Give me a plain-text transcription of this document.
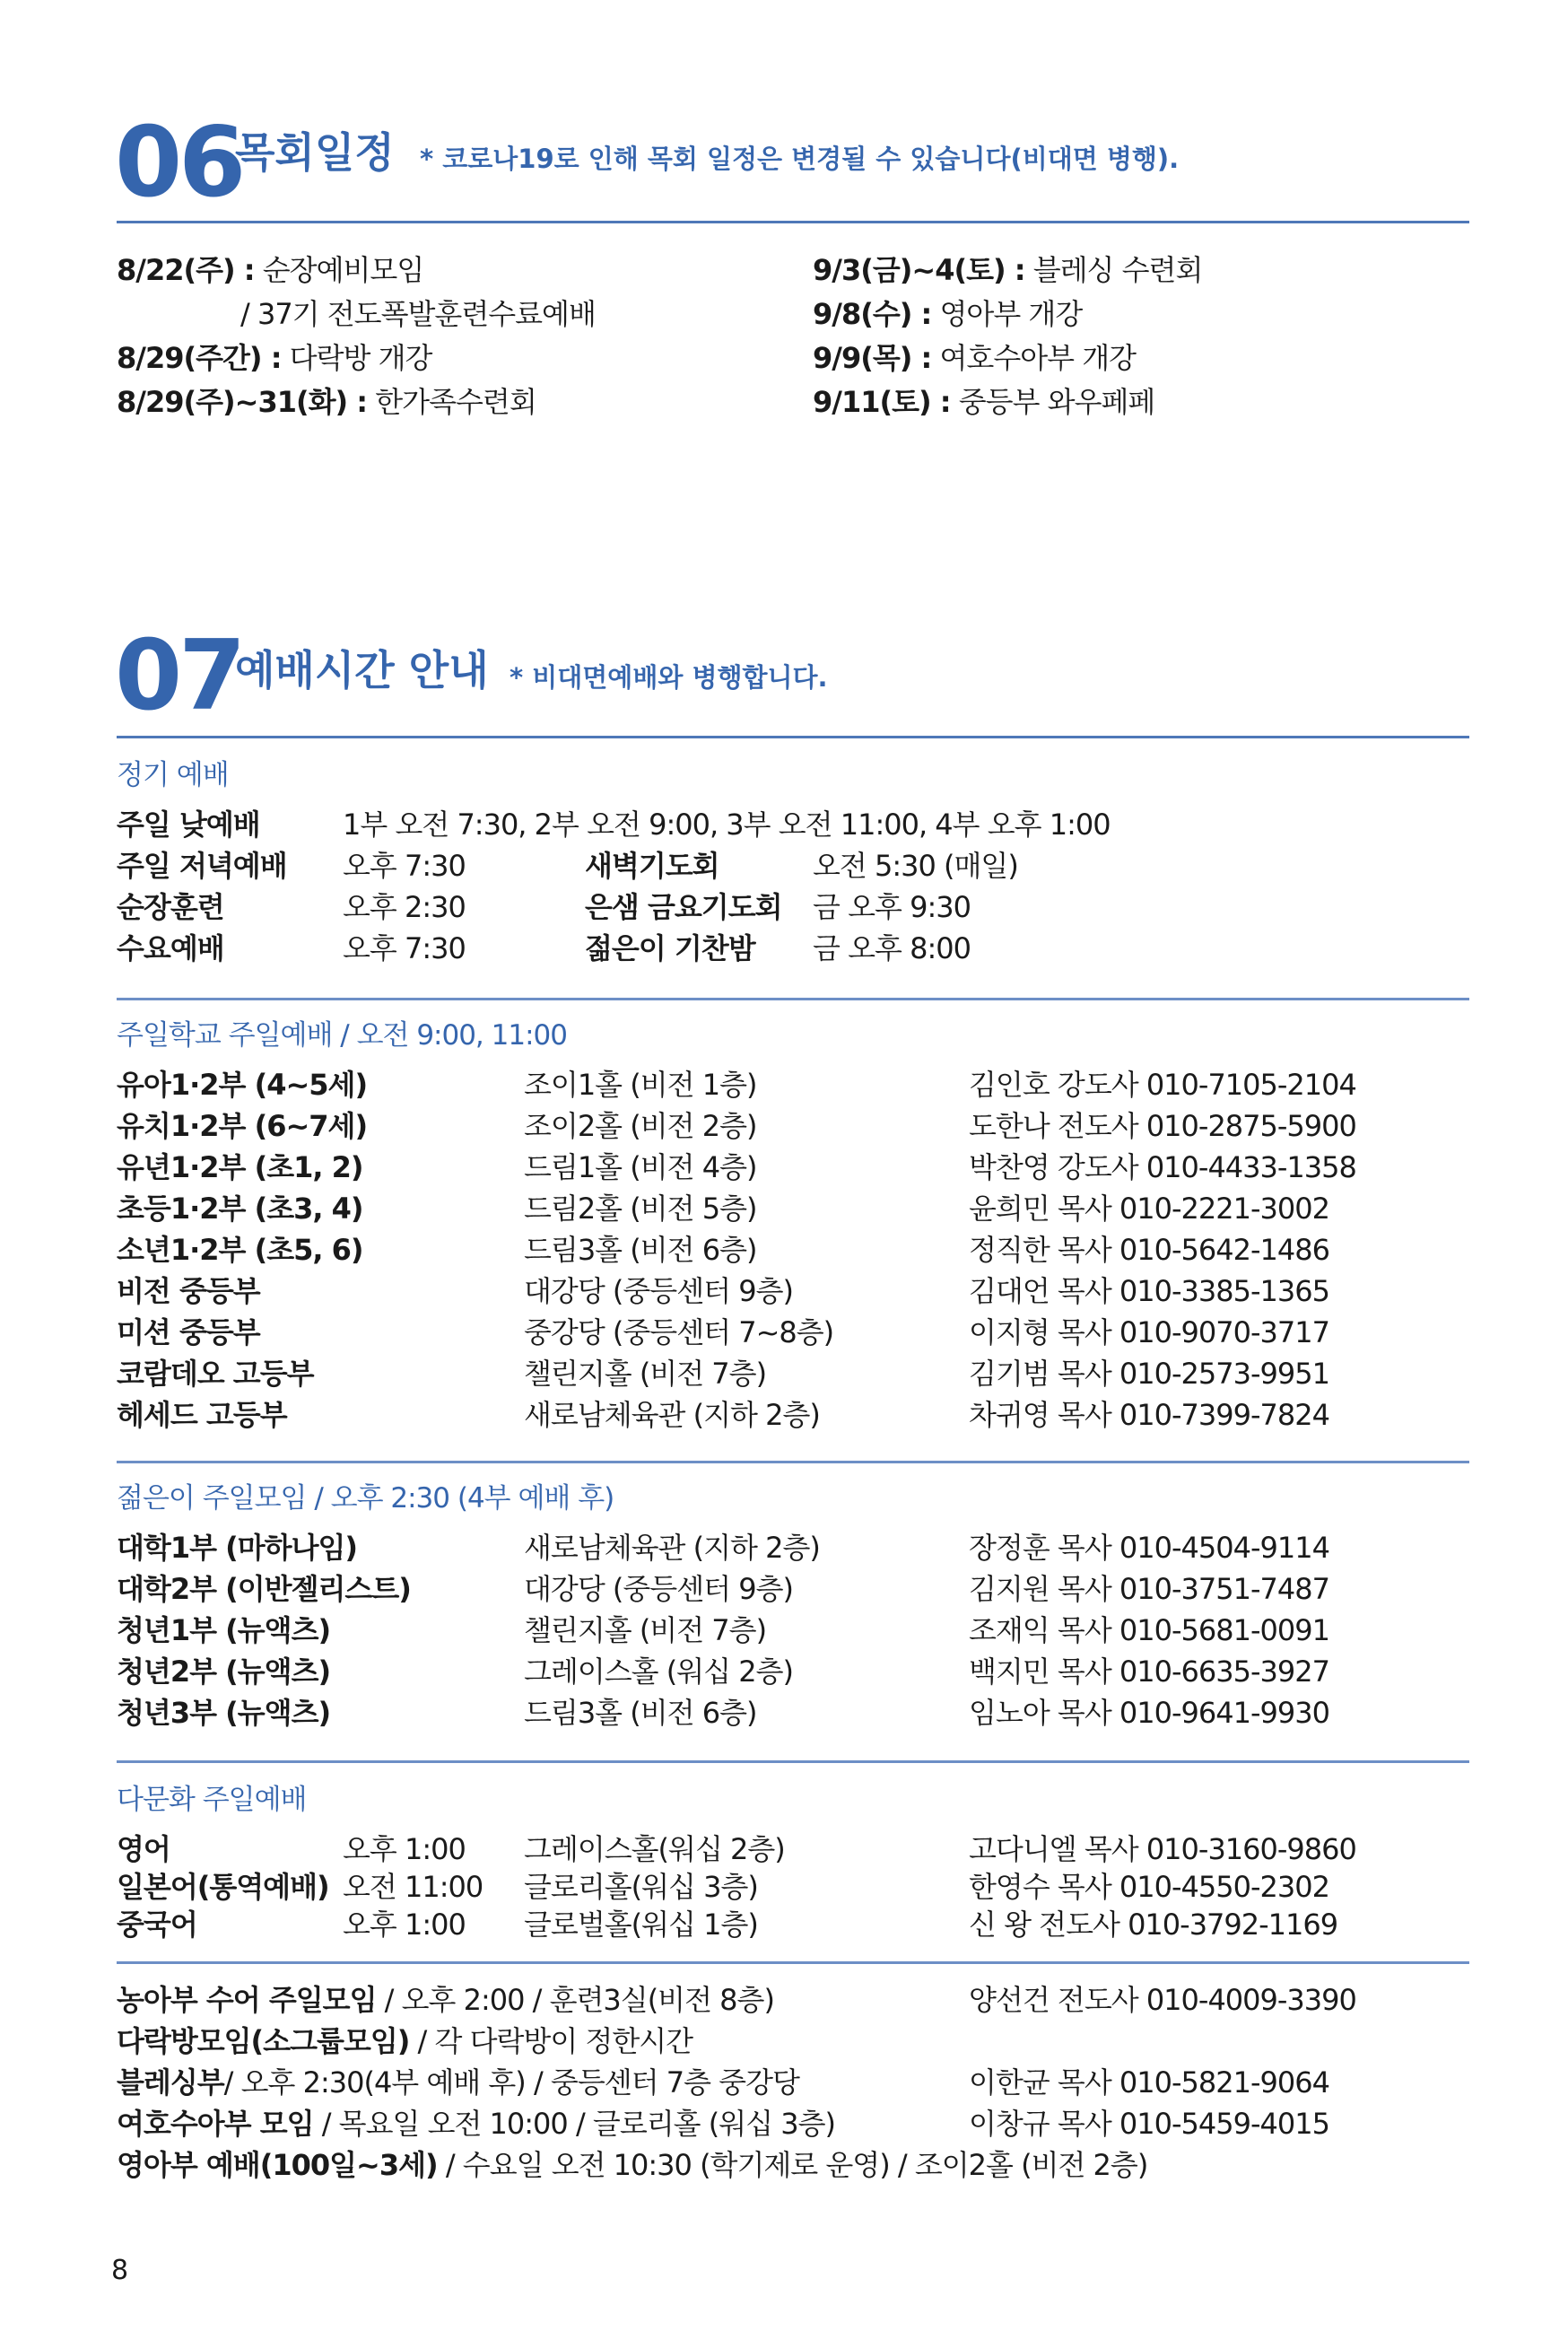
06
목회일정 * 코로나19로 인해 목회 일정은 변경될 수 있습니다(비대면 병행).
8/22(주) : 순장예비모임
/ 37기 전도폭발훈련수료예배
8/29(주간) : 다락방 개강
8/29(주)~31(화) : 한가족수련회
9/3(금)~4(토) : 블레싱 수련회
9/8(수) : 영아부 개강
9/9(목) : 여호수아부 개강
9/11(토) : 중등부 와우페페
07
예배시간 안내 * 비대면예배와 병행합니다.
정기 예배
주일 낮예배	1부 오전 7:30, 2부 오전 9:00, 3부 오전 11:00, 4부 오후 1:00
주일 저녁예배 오후 7:30	새벽기도회	오전 5:30 (매일)
순장훈련	오후 2:30	은샘 금요기도회 금 오후 9:30
수요예배	오후 7:30	젊은이 기찬밤 금 오후 8:00
주일학교 주일예배 / 오전 9:00, 11:00
유아1·2부 (4~5세)	조이1홀 (비전 1층)	김인호 강도사 010-7105-2104
유치1·2부 (6~7세)	조이2홀 (비전 2층)	도한나 전도사 010-2875-5900
유년1·2부 (초1, 2)	드림1홀 (비전 4층)	박찬영 강도사 010-4433-1358
초등1·2부 (초3, 4)	드림2홀 (비전 5층)	윤희민 목사 010-2221-3002
소년1·2부 (초5, 6)	드림3홀 (비전 6층)	정직한 목사 010-5642-1486
비전 중등부	대강당 (중등센터 9층)	김대언 목사 010-3385-1365
미션 중등부	중강당 (중등센터 7~8층)	이지형 목사 010-9070-3717
코람데오 고등부	챌린지홀 (비전 7층)	김기범 목사 010-2573-9951
헤세드 고등부	새로남체육관 (지하 2층)	차귀영 목사 010-7399-7824
젊은이 주일모임 / 오후 2:30 (4부 예배 후)
대학1부 (마하나임)	새로남체육관 (지하 2층)	장정훈 목사 010-4504-9114
대학2부 (이반젤리스트)	대강당 (중등센터 9층)	김지원 목사 010-3751-7487
청년1부 (뉴액츠)	챌린지홀 (비전 7층)	조재익 목사 010-5681-0091
청년2부 (뉴액츠)	그레이스홀 (워십 2층)	백지민 목사 010-6635-3927
청년3부 (뉴액츠)	드림3홀 (비전 6층)	임노아 목사 010-9641-9930
다문화 주일예배
영어	오후 1:00 그레이스홀(워십 2층)	고다니엘 목사 010-3160-9860
일본어(통역예배) 오전 11:00 글로리홀(워십 3층)	한영수 목사 010-4550-2302
중국어	오후 1:00 글로벌홀(워십 1층)	신 왕 전도사 010-3792-1169
농아부 수어 주일모임 / 오후 2:00 / 훈련3실(비전 8층)	양선건 전도사 010-4009-3390
다락방모임(소그룹모임) / 각 다락방이 정한시간
블레싱부/ 오후 2:30(4부 예배 후) / 중등센터 7층 중강당	이한균 목사 010-5821-9064
여호수아부 모임 / 목요일 오전 10:00 / 글로리홀 (워십 3층)	이창규 목사 010-5459-4015
영아부 예배(100일~3세) / 수요일 오전 10:30 (학기제로 운영) / 조이2홀 (비전 2층)
8
